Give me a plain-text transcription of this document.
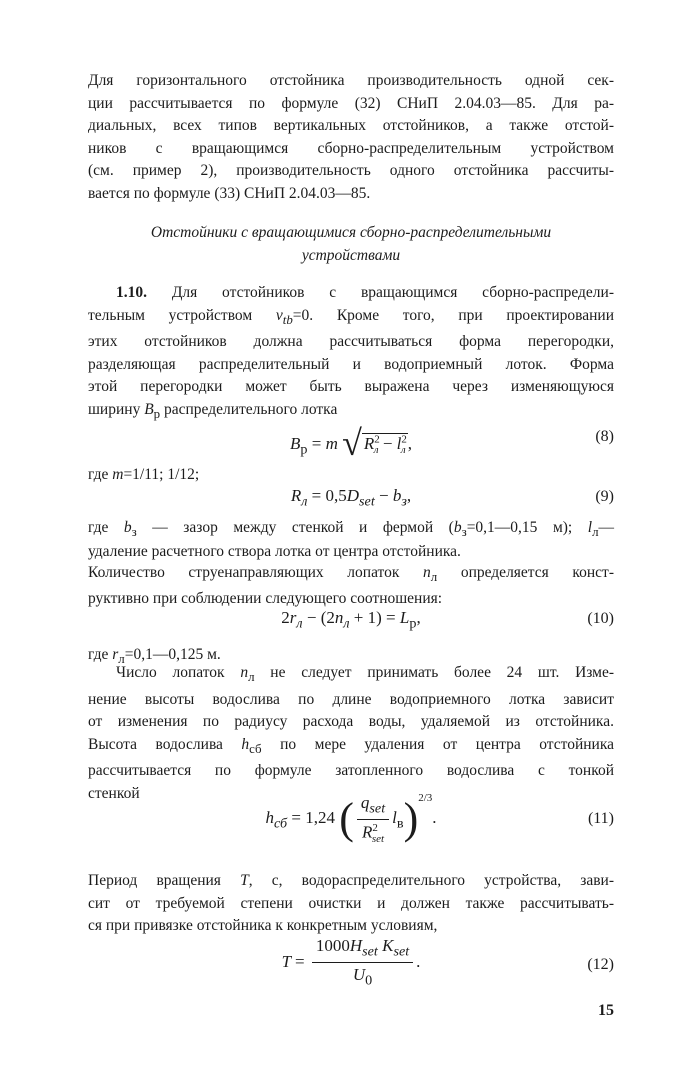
Для горизонтального отстойника производительность одной сек-
ции рассчитывается по формуле (32) СНиП 2.04.03—85. Для ра-
диальных, всех типов вертикальных отстойников, а также отстой-
ников с вращающимся сборно-распределительным устройством
(см. пример 2), производительность одного отстойника рассчиты-
вается по формуле (33) СНиП 2.04.03—85.
Отстойники с вращающимися сборно-распределительными
устройствами
1.10. Для отстойников с вращающимся сборно-распредели-
тельным устройством $v_{tb}=0$. Кроме того, при проектировании
этих отстойников должна рассчитываться форма перегородки,
разделяющая распределительный и водоприемный лоток. Форма
этой перегородки может быть выражена через изменяющуюся
ширину $B_р$ распределительного лотка
$B_р = m$ √ $R^2_л - l^2_л$ ,	(8)
где m=1/11; 1/12;
$R_л = 0,5D_{set} - b_з$,	(9)
где $b_з$ — зазор между стенкой и фермой ($b_з=0,1—0,15$ м); $l_л—$
удаление расчетного створа лотка от центра отстойника.
Количество струенаправляющих лопаток $n_л$ определяется конст-
руктивно при соблюдении следующего соотношения:
$2r_л - (2n_л + 1) = L_р$,	(10)
где $r_л=0,1—0,125$ м.
Число лопаток $n_л$ не следует принимать более 24 шт. Изме-
нение высоты водослива по длине водоприемного лотка зависит
от изменения по радиусу расхода воды, удаляемой из отстойника.
Высота водослива $h_{сб}$ по мере удаления от центра отстойника
рассчитывается по формуле затопленного водослива с тонкой
стенкой
$h_{сб} = 1,24$ ( $\frac{q_{set}}{R^2_{set}} l_в)^{2/3}$.	(11)
Период вращения T, с, водораспределительного устройства, зави-
сит от требуемой степени очистки и должен также рассчитывать-
ся при привязке отстойника к конкретным условиям,
$T = \frac{1000H_{set} K_{set}}{U_0}$ .	(12)
15
